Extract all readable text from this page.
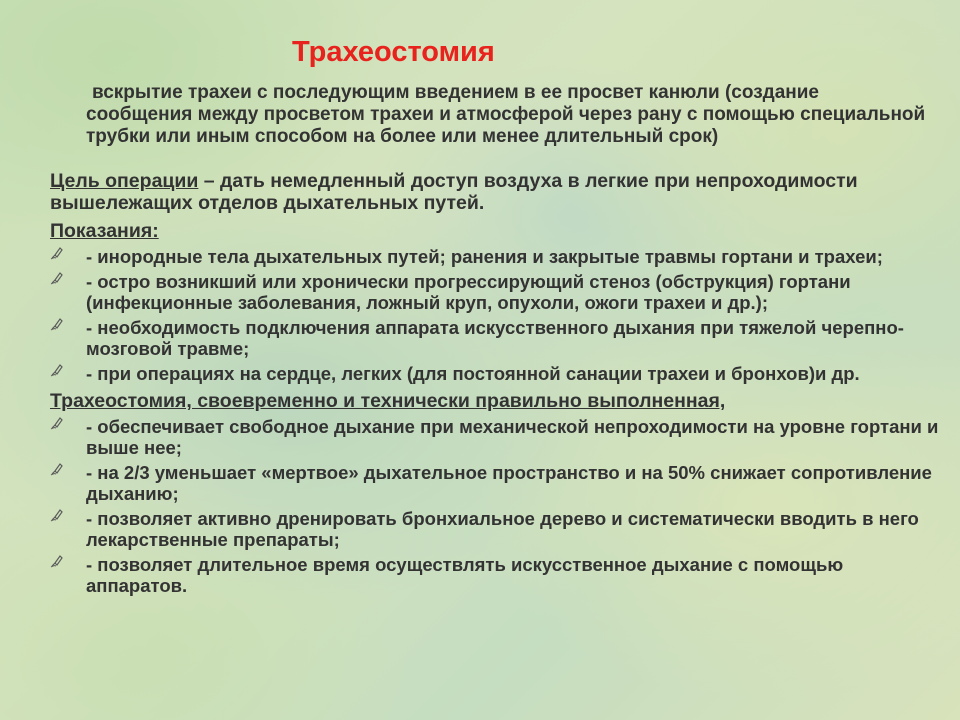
Трахеостомия

вскрытие трахеи с последующим введением в ее просвет канюли (создание сообщения между просветом трахеи и атмосферой через рану с помощью специальной трубки или иным способом на более или менее длительный срок)

Цель операции – дать немедленный доступ воздуха в легкие при непроходимости вышележащих отделов дыхательных путей.

Показания:

- инородные тела дыхательных путей; ранения и закрытые травмы гортани и трахеи;
- остро возникший или хронически прогрессирующий стеноз (обструкция) гортани (инфекционные заболевания, ложный круп, опухоли, ожоги трахеи и др.);
- необходимость подключения аппарата искусственного дыхания при тяжелой черепно-мозговой травме;
- при операциях на сердце, легких (для постоянной санации трахеи и бронхов)и др.

Трахеостомия, своевременно и технически правильно выполненная,

- обеспечивает свободное дыхание при механической непроходимости на уровне гортани и выше нее;
- на 2/3 уменьшает «мертвое» дыхательное пространство и на 50% снижает сопротивление дыханию;
- позволяет активно дренировать бронхиальное дерево и систематически вводить в него лекарственные препараты;
- позволяет длительное время осуществлять искусственное дыхание с помощью аппаратов.
